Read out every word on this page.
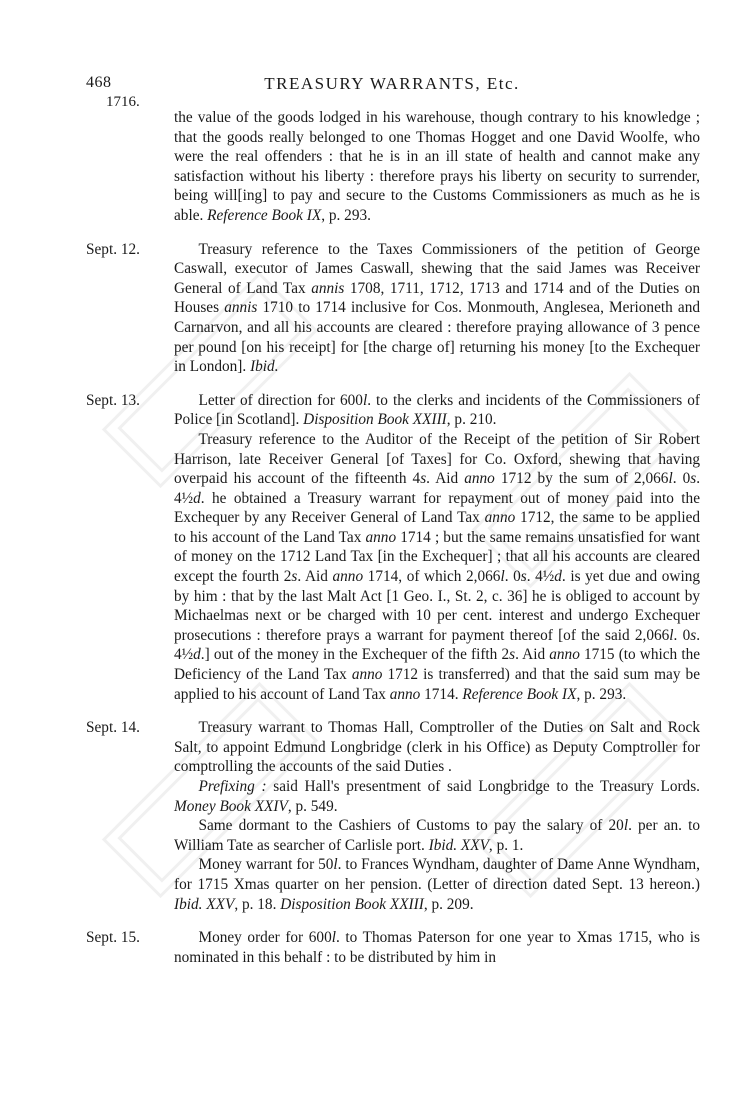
468	TREASURY WARRANTS, Etc.
1716.

the value of the goods lodged in his warehouse, though contrary to his knowledge ; that the goods really belonged to one Thomas Hogget and one David Woolfe, who were the real offenders : that he is in an ill state of health and cannot make any satisfaction without his liberty : therefore prays his liberty on security to surrender, being will[ing] to pay and secure to the Customs Commissioners as much as he is able. Reference Book IX, p. 293.

Sept. 12.	Treasury reference to the Taxes Commissioners of the petition of George Caswall, executor of James Caswall, shewing that the said James was Receiver General of Land Tax annis 1708, 1711, 1712, 1713 and 1714 and of the Duties on Houses annis 1710 to 1714 inclusive for Cos. Monmouth, Anglesea, Merioneth and Carnarvon, and all his accounts are cleared : therefore praying allowance of 3 pence per pound [on his receipt] for [the charge of] returning his money [to the Exchequer in London]. Ibid.

Sept. 13.	Letter of direction for 600l. to the clerks and incidents of the Commissioners of Police [in Scotland]. Disposition Book XXIII, p. 210.

Treasury reference to the Auditor of the Receipt of the petition of Sir Robert Harrison, late Receiver General [of Taxes] for Co. Oxford, shewing that having overpaid his account of the fifteenth 4s. Aid anno 1712 by the sum of 2,066l. 0s. 4½d. he obtained a Treasury warrant for repayment out of money paid into the Exchequer by any Receiver General of Land Tax anno 1712, the same to be applied to his account of the Land Tax anno 1714 ; but the same remains unsatisfied for want of money on the 1712 Land Tax [in the Exchequer] ; that all his accounts are cleared except the fourth 2s. Aid anno 1714, of which 2,066l. 0s. 4½d. is yet due and owing by him : that by the last Malt Act [1 Geo. I., St. 2, c. 36] he is obliged to account by Michaelmas next or be charged with 10 per cent. interest and undergo Exchequer prosecutions : therefore prays a warrant for payment thereof [of the said 2,066l. 0s. 4½d.] out of the money in the Exchequer of the fifth 2s. Aid anno 1715 (to which the Deficiency of the Land Tax anno 1712 is transferred) and that the said sum may be applied to his account of Land Tax anno 1714. Reference Book IX, p. 293.

Sept. 14.	Treasury warrant to Thomas Hall, Comptroller of the Duties on Salt and Rock Salt, to appoint Edmund Longbridge (clerk in his Office) as Deputy Comptroller for comptrolling the accounts of the said Duties .

Prefixing : said Hall's presentment of said Longbridge to the Treasury Lords. Money Book XXIV, p. 549.

Same dormant to the Cashiers of Customs to pay the salary of 20l. per an. to William Tate as searcher of Carlisle port. Ibid. XXV, p. 1.

Money warrant for 50l. to Frances Wyndham, daughter of Dame Anne Wyndham, for 1715 Xmas quarter on her pension. (Letter of direction dated Sept. 13 hereon.) Ibid. XXV, p. 18. Disposition Book XXIII, p. 209.

Sept. 15.	Money order for 600l. to Thomas Paterson for one year to Xmas 1715, who is nominated in this behalf : to be distributed by him in
